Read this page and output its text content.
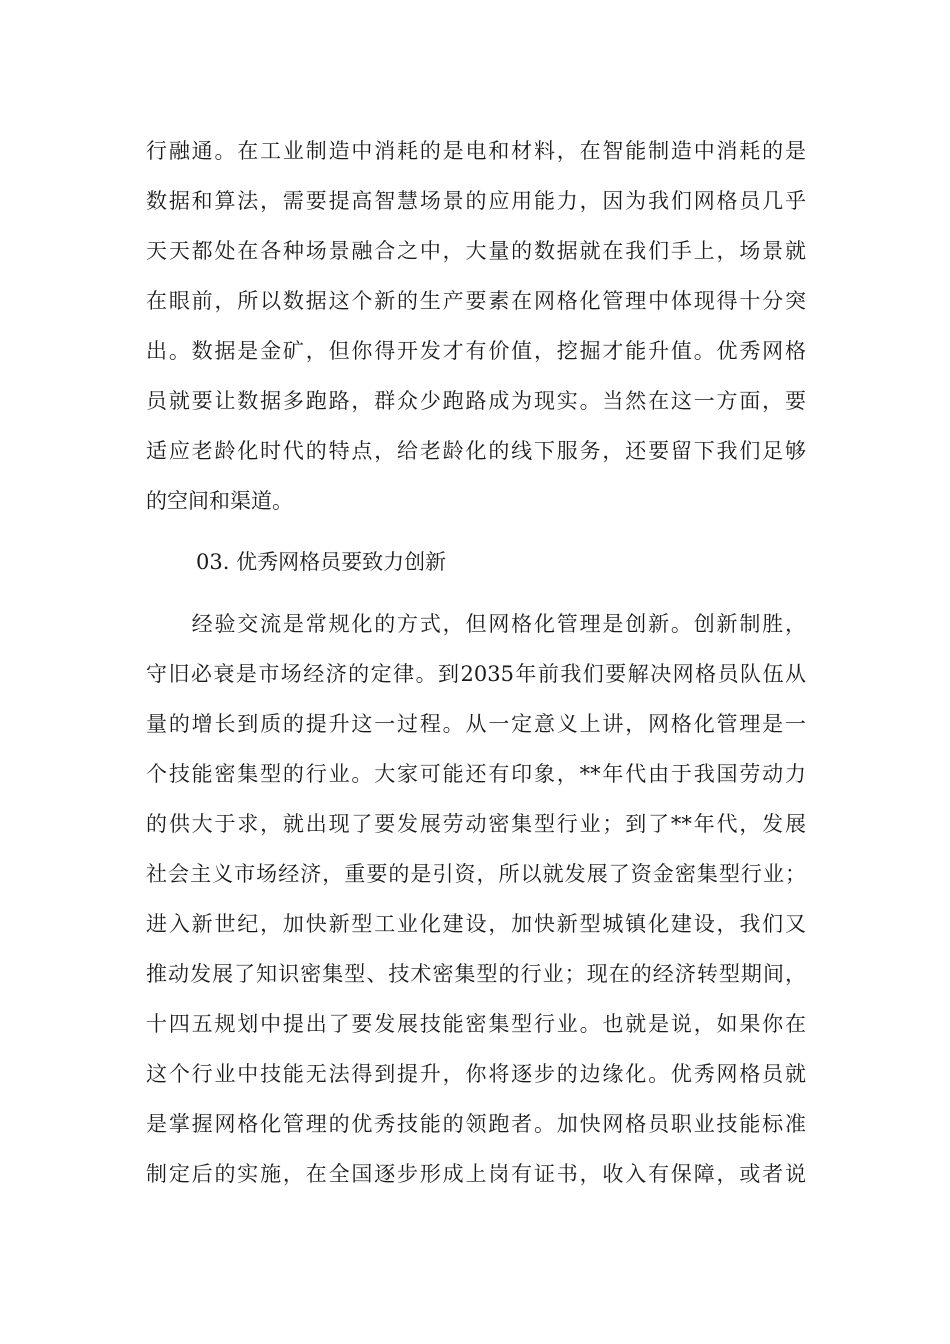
行融通。在工业制造中消耗的是电和材料，在智能制造中消耗的是
数据和算法，需要提高智慧场景的应用能力，因为我们网格员几乎
天天都处在各种场景融合之中，大量的数据就在我们手上，场景就
在眼前，所以数据这个新的生产要素在网格化管理中体现得十分突
出。数据是金矿，但你得开发才有价值，挖掘才能升值。优秀网格
员就要让数据多跑路，群众少跑路成为现实。当然在这一方面，要
适应老龄化时代的特点，给老龄化的线下服务，还要留下我们足够
的空间和渠道。
03. 优秀网格员要致力创新
　　经验交流是常规化的方式，但网格化管理是创新。创新制胜，
守旧必衰是市场经济的定律。到2035年前我们要解决网格员队伍从
量的增长到质的提升这一过程。从一定意义上讲，网格化管理是一
个技能密集型的行业。大家可能还有印象，**年代由于我国劳动力
的供大于求，就出现了要发展劳动密集型行业；到了**年代，发展
社会主义市场经济，重要的是引资，所以就发展了资金密集型行业；
进入新世纪，加快新型工业化建设，加快新型城镇化建设，我们又
推动发展了知识密集型、技术密集型的行业；现在的经济转型期间，
十四五规划中提出了要发展技能密集型行业。也就是说，如果你在
这个行业中技能无法得到提升，你将逐步的边缘化。优秀网格员就
是掌握网格化管理的优秀技能的领跑者。加快网格员职业技能标准
制定后的实施，在全国逐步形成上岗有证书，收入有保障，或者说
